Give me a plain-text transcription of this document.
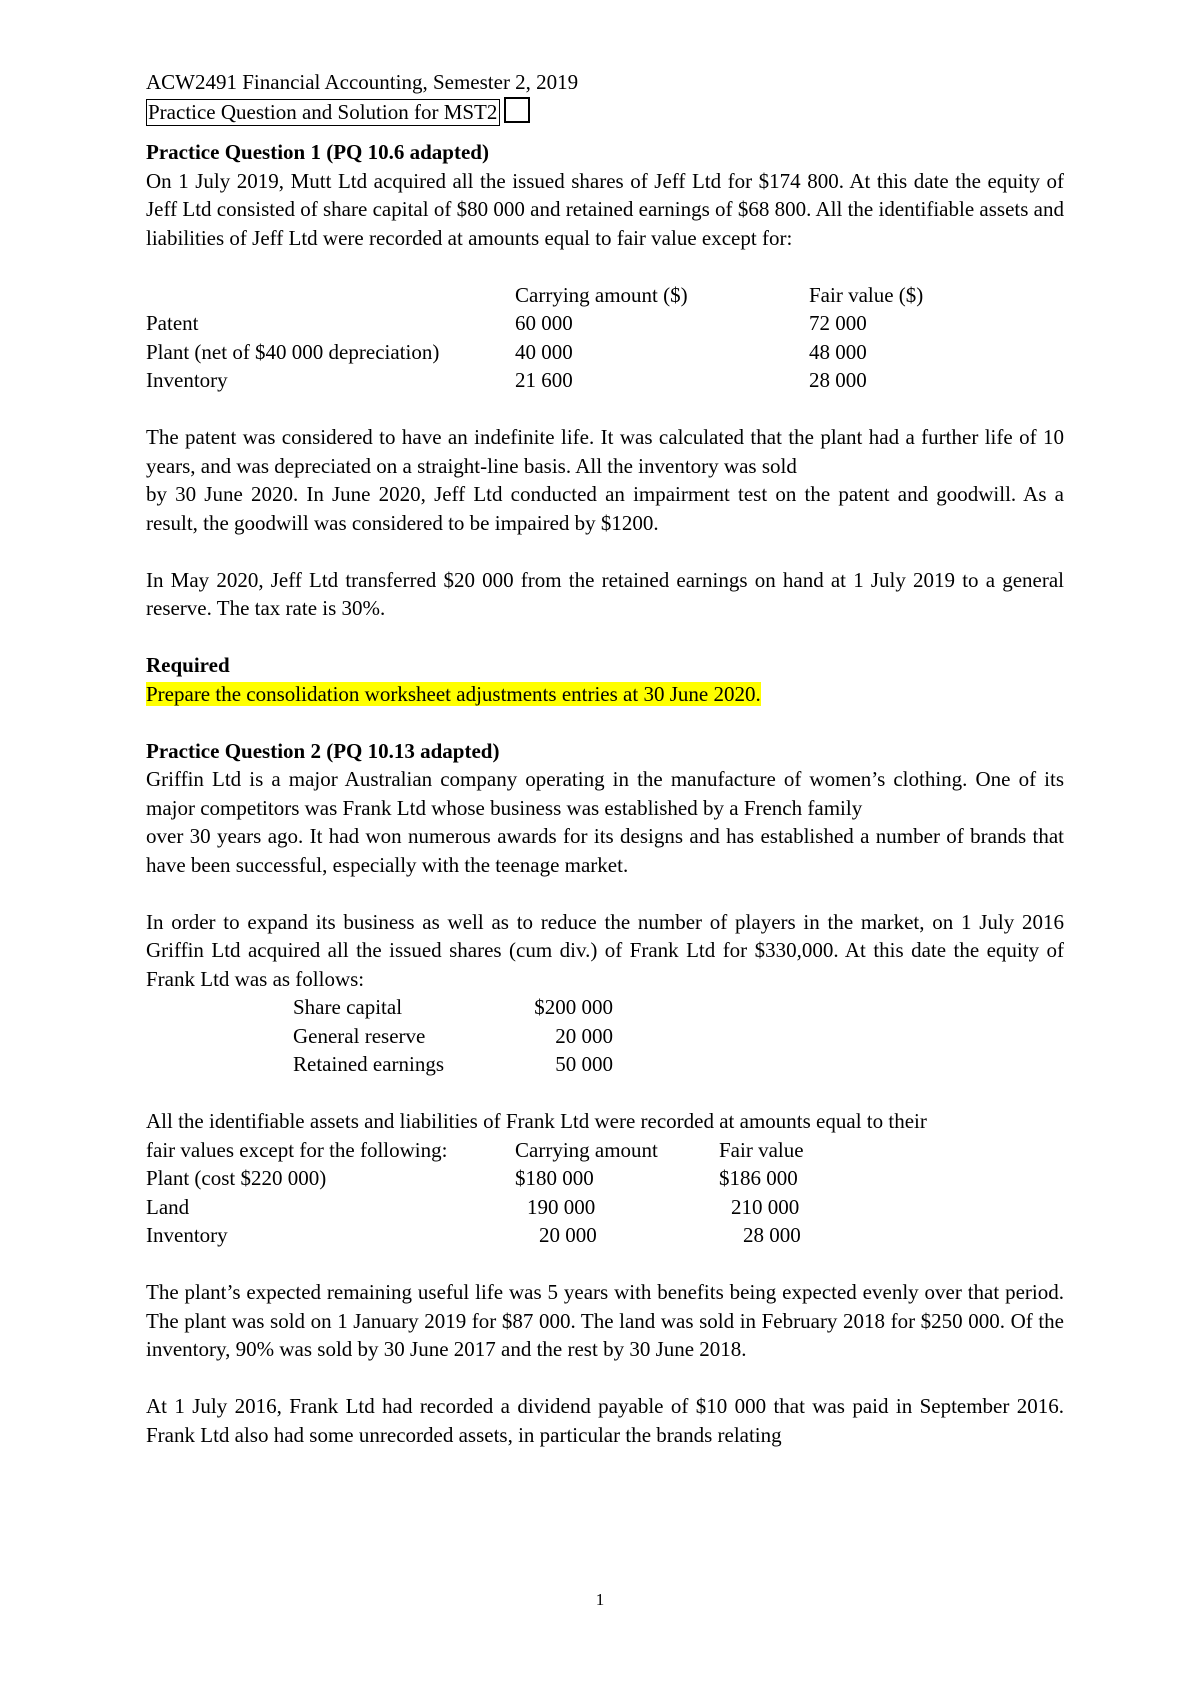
ACW2491 Financial Accounting, Semester 2, 2019
Practice Question and Solution for MST2
Practice Question 1 (PQ 10.6 adapted)

On 1 July 2019, Mutt Ltd acquired all the issued shares of Jeff Ltd for $174 800. At this date the equity of Jeff Ltd consisted of share capital of $80 000 and retained earnings of $68 800. All the identifiable assets and liabilities of Jeff Ltd were recorded at amounts equal to fair value except for:

	Carrying amount ($)	Fair value ($)
Patent	60 000	72 000
Plant (net of $40 000 depreciation)	40 000	48 000
Inventory	21 600	28 000

The patent was considered to have an indefinite life. It was calculated that the plant had a further life of 10 years, and was depreciated on a straight-line basis. All the inventory was sold

by 30 June 2020. In June 2020, Jeff Ltd conducted an impairment test on the patent and goodwill. As a result, the goodwill was considered to be impaired by $1200.

In May 2020, Jeff Ltd transferred $20 000 from the retained earnings on hand at 1 July 2019 to a general reserve. The tax rate is 30%.

Required
Prepare the consolidation worksheet adjustments entries at 30 June 2020.
Practice Question 2 (PQ 10.13 adapted)

Griffin Ltd is a major Australian company operating in the manufacture of women’s clothing. One of its major competitors was Frank Ltd whose business was established by a French family

over 30 years ago. It had won numerous awards for its designs and has established a number of brands that have been successful, especially with the teenage market.

In order to expand its business as well as to reduce the number of players in the market, on 1 July 2016 Griffin Ltd acquired all the issued shares (cum div.) of Frank Ltd for $330,000. At this date the equity of Frank Ltd was as follows:

Share capital	$200 000
General reserve	20 000
Retained earnings	50 000
All the identifiable assets and liabilities of Frank Ltd were recorded at amounts equal to their
fair values except for the following:	Carrying amount	Fair value
Plant (cost $220 000)	$180 000	$186 000
Land	190 000	210 000
Inventory	20 000	28 000

The plant’s expected remaining useful life was 5 years with benefits being expected evenly over that period. The plant was sold on 1 January 2019 for $87 000. The land was sold in February 2018 for $250 000. Of the inventory, 90% was sold by 30 June 2017 and the rest by 30 June 2018.

At 1 July 2016, Frank Ltd had recorded a dividend payable of $10 000 that was paid in September 2016. Frank Ltd also had some unrecorded assets, in particular the brands relating

1
